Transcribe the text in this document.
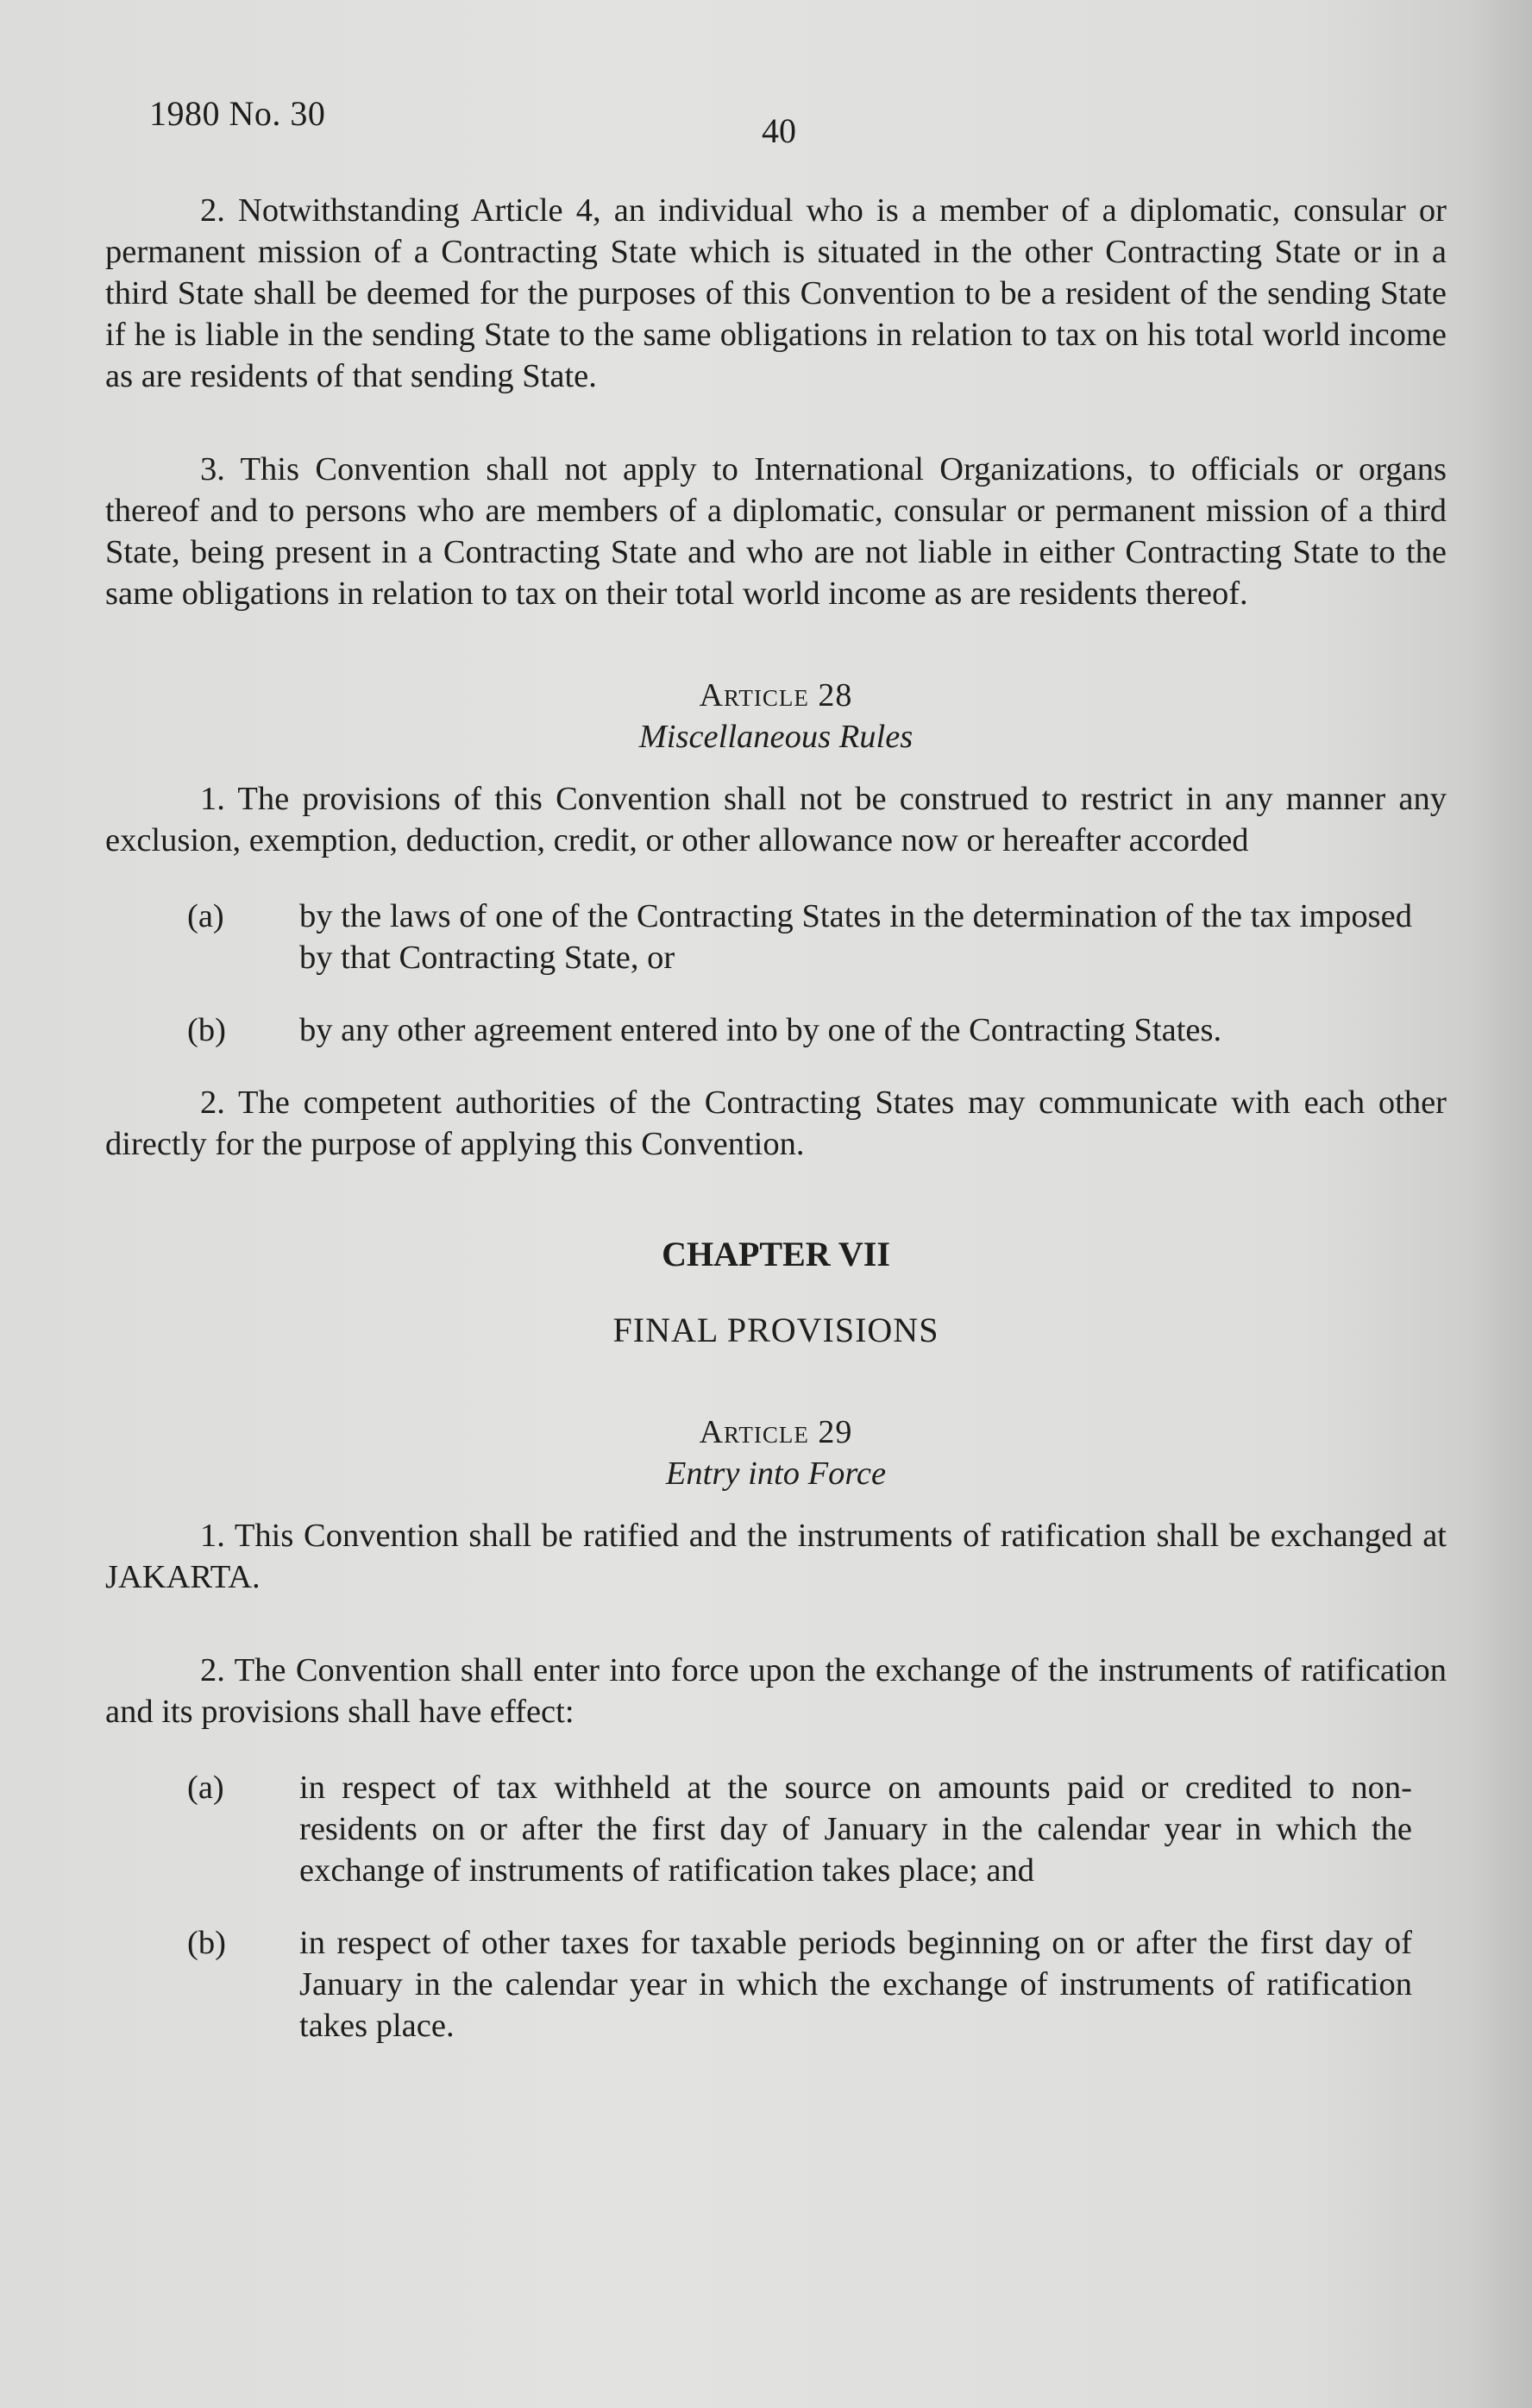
1980 No. 30	40

2. Notwithstanding Article 4, an individual who is a member of a diplomatic, consular or permanent mission of a Contracting State which is situated in the other Contracting State or in a third State shall be deemed for the purposes of this Convention to be a resident of the sending State if he is liable in the sending State to the same obligations in relation to tax on his total world income as are residents of that sending State.

3. This Convention shall not apply to International Organizations, to officials or organs thereof and to persons who are members of a diplomatic, consular or permanent mission of a third State, being present in a Contracting State and who are not liable in either Contracting State to the same obligations in relation to tax on their total world income as are residents thereof.

Article 28

Miscellaneous Rules

1. The provisions of this Convention shall not be construed to restrict in any manner any exclusion, exemption, deduction, credit, or other allowance now or hereafter accorded

(a)	by the laws of one of the Contracting States in the determination of the tax imposed by that Contracting State, or
(b)	by any other agreement entered into by one of the Contracting States.

2. The competent authorities of the Contracting States may communicate with each other directly for the purpose of applying this Convention.

CHAPTER VII

FINAL PROVISIONS

Article 29

Entry into Force

1. This Convention shall be ratified and the instruments of ratification shall be exchanged at JAKARTA.

2. The Convention shall enter into force upon the exchange of the instruments of ratification and its provisions shall have effect:

(a)	in respect of tax withheld at the source on amounts paid or credited to non-residents on or after the first day of January in the calendar year in which the exchange of instruments of ratification takes place; and
(b)	in respect of other taxes for taxable periods beginning on or after the first day of January in the calendar year in which the exchange of instruments of ratification takes place.
